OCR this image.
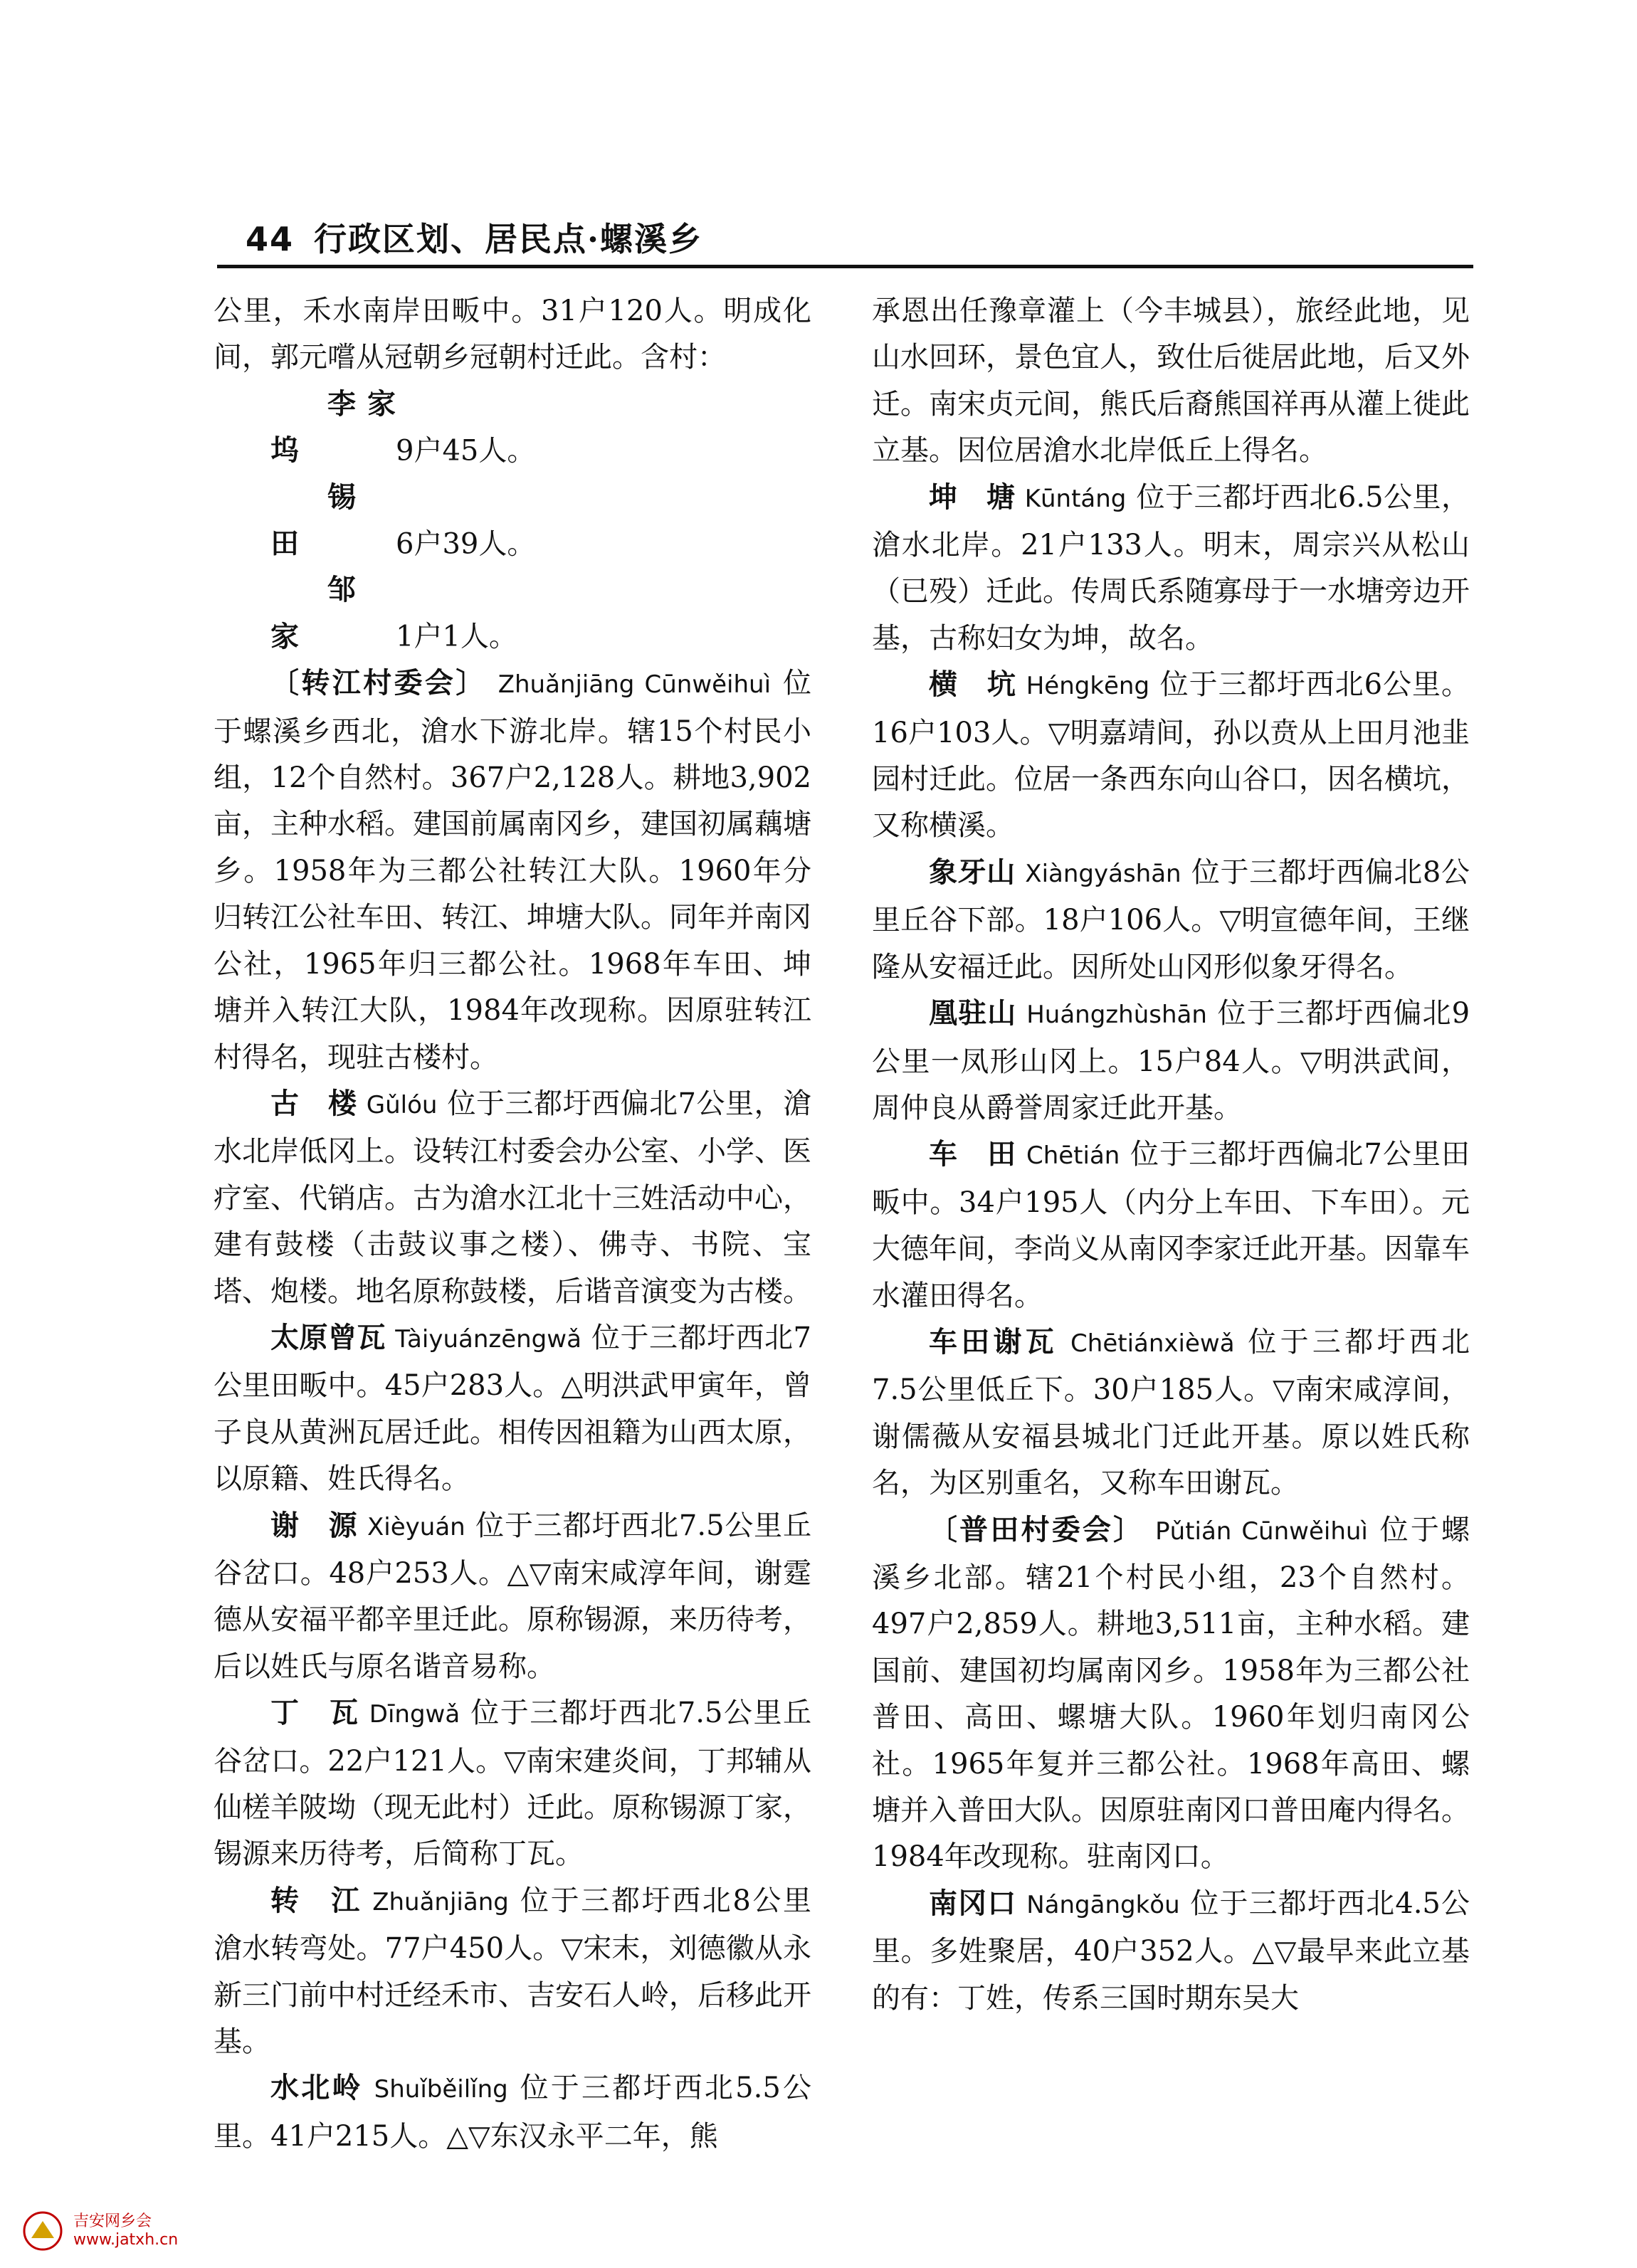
44 行政区划、居民点·螺溪乡

公里，禾水南岸田畈中。31户120人。明成化间，郭元嚐从冠朝乡冠朝村迁此。含村：

李家坞	9户45人。

锡　田	6户39人。

邹　家	1户1人。

〔转江村委会〕 Zhuǎnjiāng Cūnwěihuì 位于螺溪乡西北，滄水下游北岸。辖15个村民小组，12个自然村。367户2,128人。耕地3,902亩，主种水稻。建国前属南冈乡，建国初属藕塘乡。1958年为三都公社转江大队。1960年分归转江公社车田、转江、坤塘大队。同年并南冈公社，1965年归三都公社。1968年车田、坤塘并入转江大队，1984年改现称。因原驻转江村得名，现驻古楼村。

古　楼 Gǔlóu 位于三都圩西偏北7公里，滄水北岸低冈上。设转江村委会办公室、小学、医疗室、代销店。古为滄水江北十三姓活动中心，建有鼓楼（击鼓议事之楼）、佛寺、书院、宝塔、炮楼。地名原称鼓楼，后谐音演变为古楼。

太原曾瓦 Tàiyuánzēngwǎ 位于三都圩西北7公里田畈中。45户283人。△明洪武甲寅年，曾子良从黄洲瓦居迁此。相传因祖籍为山西太原，以原籍、姓氏得名。

谢　源 Xièyuán 位于三都圩西北7.5公里丘谷岔口。48户253人。△▽南宋咸淳年间，谢霆德从安福平都辛里迁此。原称锡源，来历待考，后以姓氏与原名谐音易称。

丁　瓦 Dīngwǎ 位于三都圩西北7.5公里丘谷岔口。22户121人。▽南宋建炎间，丁邦辅从仙槎羊陂坳（现无此村）迁此。原称锡源丁家，锡源来历待考，后简称丁瓦。

转　江 Zhuǎnjiāng 位于三都圩西北8公里滄水转弯处。77户450人。▽宋末，刘德徽从永新三门前中村迁经禾市、吉安石人岭，后移此开基。

水北岭 Shuǐběilǐng 位于三都圩西北5.5公里。41户215人。△▽东汉永平二年，熊

承恩出任豫章灌上（今丰城县），旅经此地，见山水回环，景色宜人，致仕后徙居此地，后又外迁。南宋贞元间，熊氏后裔熊国祥再从灌上徙此立基。因位居滄水北岸低丘上得名。

坤　塘 Kūntáng 位于三都圩西北6.5公里，滄水北岸。21户133人。明末，周宗兴从松山（已殁）迁此。传周氏系随寡母于一水塘旁边开基，古称妇女为坤，故名。

横　坑 Héngkēng 位于三都圩西北6公里。16户103人。▽明嘉靖间，孙以贲从上田月池韭园村迁此。位居一条西东向山谷口，因名横坑，又称横溪。

象牙山 Xiàngyáshān 位于三都圩西偏北8公里丘谷下部。18户106人。▽明宣德年间，王继隆从安福迁此。因所处山冈形似象牙得名。

凰驻山 Huángzhùshān 位于三都圩西偏北9公里一凤形山冈上。15户84人。▽明洪武间，周仲良从爵誉周家迁此开基。

车　田 Chētián 位于三都圩西偏北7公里田畈中。34户195人（内分上车田、下车田）。元大德年间，李尚义从南冈李家迁此开基。因靠车水灌田得名。

车田谢瓦 Chētiánxièwǎ 位于三都圩西北7.5公里低丘下。30户185人。▽南宋咸淳间，谢儒薇从安福县城北门迁此开基。原以姓氏称名，为区别重名，又称车田谢瓦。

〔普田村委会〕 Pǔtián Cūnwěihuì 位于螺溪乡北部。辖21个村民小组，23个自然村。497户2,859人。耕地3,511亩，主种水稻。建国前、建国初均属南冈乡。1958年为三都公社普田、高田、螺塘大队。1960年划归南冈公社。1965年复并三都公社。1968年高田、螺塘并入普田大队。因原驻南冈口普田庵内得名。1984年改现称。驻南冈口。

南冈口 Nángāngkǒu 位于三都圩西北4.5公里。多姓聚居，40户352人。△▽最早来此立基的有：丁姓，传系三国时期东吴大

吉安网乡会
www.jatxh.cn
